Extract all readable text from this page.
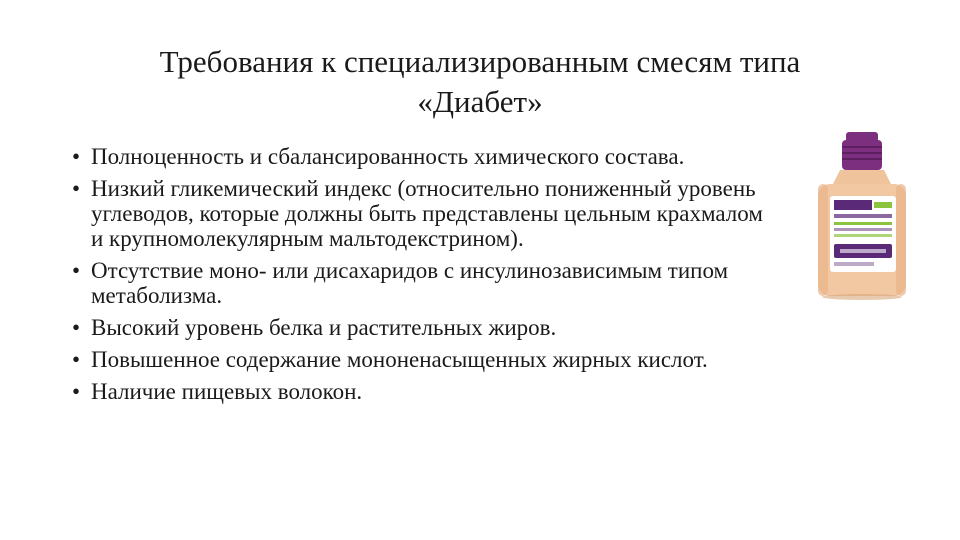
Требования к специализированным смесям типа
«Диабет»
• Полноценность и сбалансированность химического состава.
• Низкий гликемический индекс (относительно пониженный уровень углеводов, которые должны быть представлены цельным крахмалом и крупномолекулярным мальтодекстрином).
• Отсутствие моно- или дисахаридов с инсулинозависимым типом метаболизма.
• Высокий уровень белка и растительных жиров.
• Повышенное содержание мононенасыщенных жирных кислот.
• Наличие пищевых волокон.
